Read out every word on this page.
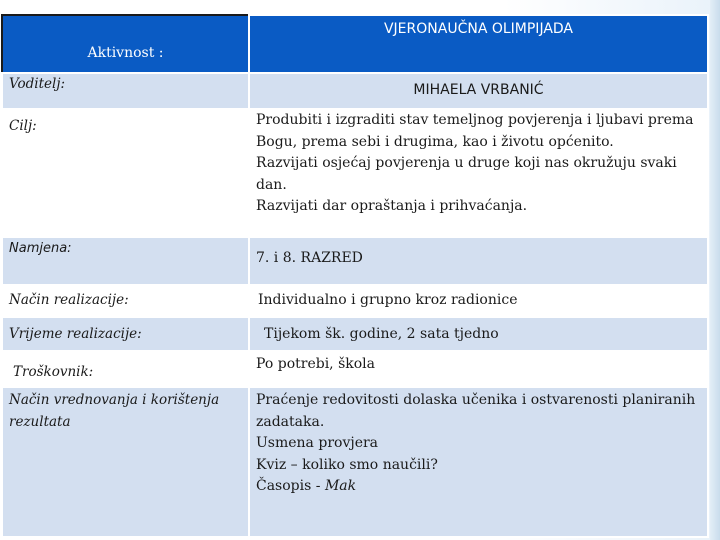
Aktivnost :	VJERONAUČNA OLIMPIJADA
Voditelj:	MIHAELA VRBANIĆ
Cilj:	Produbiti i izgraditi stav temeljnog povjerenja i ljubavi prema Bogu, prema sebi i drugima, kao i životu općenito.
Razvijati osjećaj povjerenja u druge koji nas okružuju svaki dan.
Razvijati dar opraštanja i prihvaćanja.
Namjena:	7. i 8. RAZRED
Način realizacije:	Individualno i grupno kroz radionice
Vrijeme realizacije:	Tijekom šk. godine, 2 sata tjedno
Troškovnik:	Po potrebi, škola
Način vrednovanja i korištenja rezultata	Praćenje redovitosti dolaska učenika i ostvarenosti planiranih zadataka.
Usmena provjera
Kviz – koliko smo naučili?
Časopis - Mak
